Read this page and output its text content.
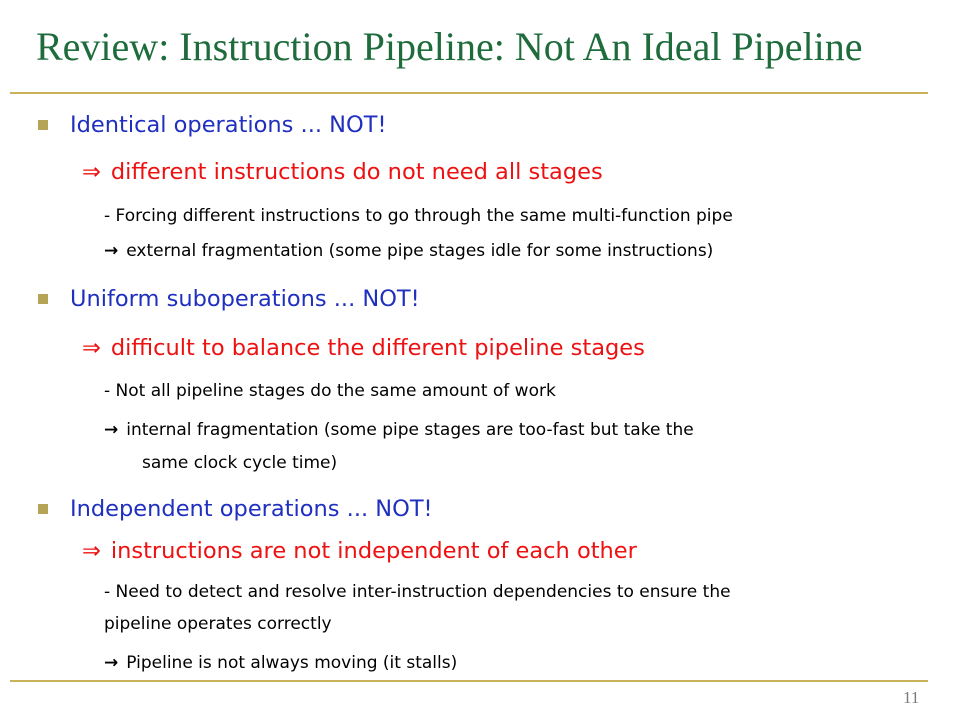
Review: Instruction Pipeline: Not An Ideal Pipeline
Identical operations ... NOT!
⇒ different instructions do not need all stages
- Forcing different instructions to go through the same multi-function pipe
→ external fragmentation (some pipe stages idle for some instructions)
Uniform suboperations ... NOT!
⇒ difficult to balance the different pipeline stages
- Not all pipeline stages do the same amount of work
→ internal fragmentation (some pipe stages are too-fast but take the
same clock cycle time)
Independent operations ... NOT!
⇒ instructions are not independent of each other
- Need to detect and resolve inter-instruction dependencies to ensure the
pipeline operates correctly
→ Pipeline is not always moving (it stalls)
11
